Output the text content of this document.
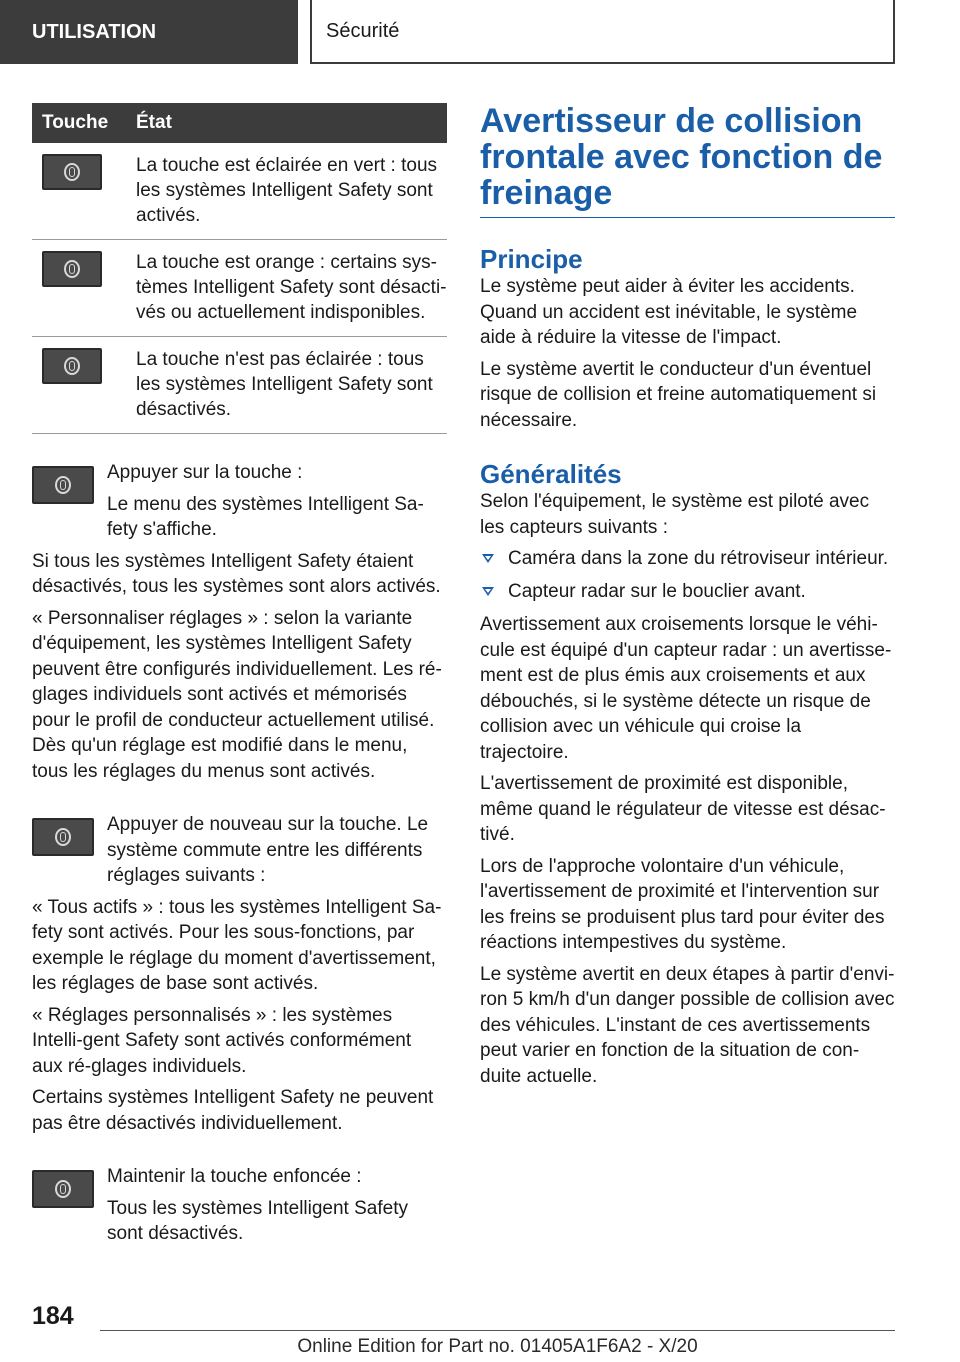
UTILISATION	Sécurité
Touche	État

	La touche est éclairée en vert : tous les systèmes Intelligent Safety sont activés.

	La touche est orange : certains sys‐tèmes Intelligent Safety sont désacti‐vés ou actuellement indisponibles.

	La touche n'est pas éclairée : tous les systèmes Intelligent Safety sont désactivés.

Appuyer sur la touche :

Le menu des systèmes Intelligent Sa‐fety s'affiche.

Si tous les systèmes Intelligent Safety étaient désactivés, tous les systèmes sont alors activés.

« Personnaliser réglages » : selon la variante d'équipement, les systèmes Intelligent Safety peuvent être configurés individuellement. Les ré‐glages individuels sont activés et mémorisés pour le profil de conducteur actuellement utilisé. Dès qu'un réglage est modifié dans le menu, tous les réglages du menus sont activés.

Appuyer de nouveau sur la touche. Le système commute entre les différents réglages suivants :

« Tous actifs » : tous les systèmes Intelligent Sa‐fety sont activés. Pour les sous-fonctions, par exemple le réglage du moment d'avertissement, les réglages de base sont activés.

« Réglages personnalisés » : les systèmes Intelli‐gent Safety sont activés conformément aux ré‐glages individuels.

Certains systèmes Intelligent Safety ne peuvent pas être désactivés individuellement.

Maintenir la touche enfoncée :

Tous les systèmes Intelligent Safety sont désactivés.

Avertisseur de collision frontale avec fonction de freinage
Principe

Le système peut aider à éviter les accidents. Quand un accident est inévitable, le système aide à réduire la vitesse de l'impact.

Le système avertit le conducteur d'un éventuel risque de collision et freine automatiquement si nécessaire.

Généralités

Selon l'équipement, le système est piloté avec les capteurs suivants :

Caméra dans la zone du rétroviseur intérieur.
Capteur radar sur le bouclier avant.

Avertissement aux croisements lorsque le véhi‐cule est équipé d'un capteur radar : un avertisse‐ment est de plus émis aux croisements et aux débouchés, si le système détecte un risque de collision avec un véhicule qui croise la trajectoire.

L'avertissement de proximité est disponible, même quand le régulateur de vitesse est désac‐tivé.

Lors de l'approche volontaire d'un véhicule, l'avertissement de proximité et l'intervention sur les freins se produisent plus tard pour éviter des réactions intempestives du système.

Le système avertit en deux étapes à partir d'envi‐ron 5 km/h d'un danger possible de collision avec des véhicules. L'instant de ces avertissements peut varier en fonction de la situation de con‐duite actuelle.

184
Online Edition for Part no. 01405A1F6A2 - X/20
